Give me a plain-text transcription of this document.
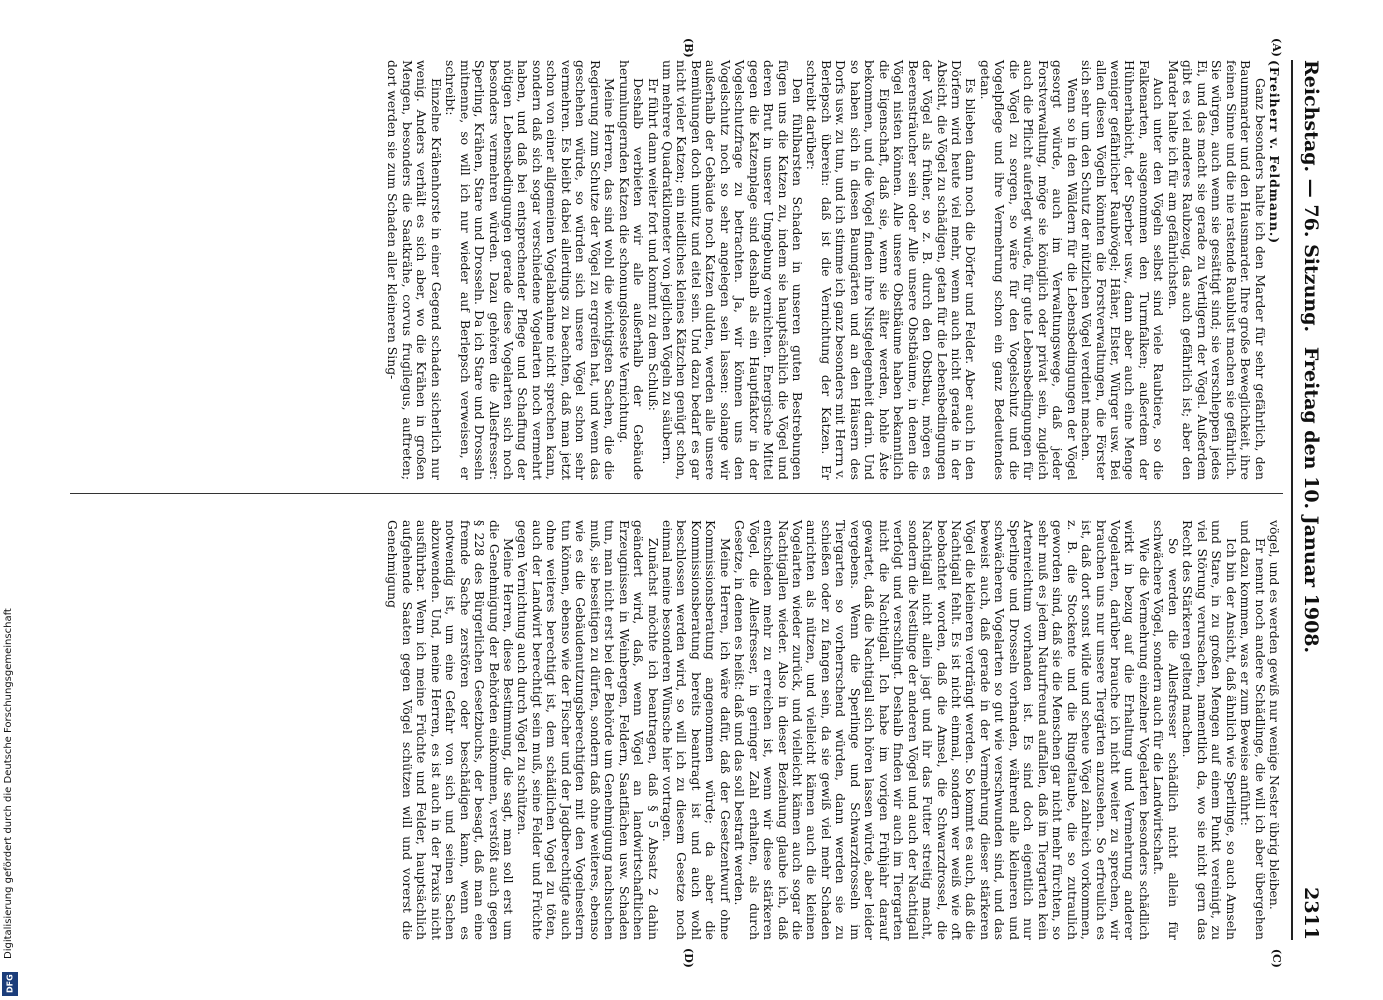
Reichstag. — 76. Sitzung.
Freitag den 10. Januar 1908.
2311
(A)
(B)
(C)
(D)

(Freiherr v. Feldmann.)

Ganz besonders halte ich den Marder für sehr gefährlich, den Baummarder und den Hausmarder. Ihre große Beweglichkeit, ihre feinen Sinne und die nie rastende Raublust machen sie gefährlich. Sie würgen, auch wenn sie gesättigt sind; sie verschleppen jedes Ei, und das macht sie gerade zu Vertilgern der Vögel. Außerdem gibt es viel anderes Raubzeug, das auch gefährlich ist; aber den Marder halte ich für am gefährlichsten.

Auch unter den Vögeln selbst sind viele Raubtiere, so die Falkenarten, ausgenommen den Turmfalken; außerdem der Hühnerhabicht, der Sperber usw., dann aber auch eine Menge weniger gefährlicher Raubvögel; Häher, Elster, Würger usw. Bei allen diesen Vögeln könnten die Forstverwaltungen, die Förster sich sehr um den Schutz der nützlichen Vögel verdient machen.

Wenn so in den Wäldern für die Lebensbedingungen der Vögel gesorgt würde, auch im Verwaltungswege, daß jeder Forstverwaltung, möge sie königlich oder privat sein, zugleich auch die Pflicht auferlegt würde, für gute Lebensbedingungen für die Vögel zu sorgen, so wäre für den Vogelschutz und die Vogelpflege und ihre Vermehrung schon ein ganz Bedeutendes getan.

Es blieben dann noch die Dörfer und Felder. Aber auch in den Dörfern wird heute viel mehr, wenn auch nicht gerade in der Absicht, die Vögel zu schädigen, getan für die Lebensbedingungen der Vögel als früher, so z. B. durch den Obstbau, mögen es Beerensträucher sein oder Alle unsere Obstbäume, in denen die Vögel nisten können. Alle unsere Obstbäume haben bekanntlich die Eigenschaft, daß sie, wenn sie älter werden, hohle Äste bekommen, und die Vögel finden ihre Nistgelegenheit darin. Und so haben sich in diesen Baumgärten und an den Häusern des Dorfs usw. zu tun, und ich stimme ich ganz besonders mit Herrn v. Berlepsch überein: daß ist die Vernichtung der Katzen. Er schreibt darüber:

Den fühlbarsten Schaden in unseren guten Bestrebungen fügen uns die Katzen zu, indem sie hauptsächlich die Vögel und deren Brut in unserer Umgebung vernichten. Energische Mittel gegen die Katzenplage sind deshalb als ein Hauptfaktor in der Vogelschutzfrage zu betrachten. Ja, wir können uns den Vogelschutz noch so sehr angelegen sein lassen: solange wir außerhalb der Gebäude noch Katzen dulden, werden alle unsere Bemühungen doch unnütz und eitel sein. Und dazu bedarf es gar nicht vieler Katzen; ein niedliches kleines Kätzchen genügt schon, um mehrere Quadratkilometer von jeglichen Vögeln zu säubern.

Er führt dann weiter fort und kommt zu dem Schluß:

Deshalb verbieten wir alle außerhalb der Gebäude herumlungernden Katzen die schonungsloseste Vernichtung.

Meine Herren, das sind wohl die wichtigsten Sachen, die die Regierung zum Schutze der Vögel zu ergreifen hat, und wenn das geschehen würde, so würden sich unsere Vögel schon sehr vermehren. Es bleibt dabei allerdings zu beachten, daß man jetzt schon von einer allgemeinen Vogelabnahme nicht sprechen kann, sondern daß sich sogar verschiedene Vogelarten noch vermehrt haben, und daß bei entsprechender Pflege und Schaffung der nötigen Lebensbedingungen gerade diese Vogelarten sich noch besonders vermehren würden. Dazu gehören die Allesfresser: Sperling, Krähen, Stare und Drosseln. Da ich Stare und Drosseln mitnenne, so will ich nur wieder auf Berlepsch verweisen, er schreibt:

Einzelne Krähenhorste in einer Gegend schaden sicherlich nur wenig. Anders verhält es sich aber, wo die Krähen in großen Mengen, besonders die Saatkrähe, corvus frugilegus, auftreten; dort werden sie zum Schaden aller kleineren Sing-

vögel, und es werden gewiß nur wenige Nester übrig bleiben.

Er nennt noch andere Schädlinge, die will ich aber übergehen und dazu kommen, was er zum Beweise anführt:

Ich bin der Ansicht, daß ähnlich wie Sperlinge, so auch Amseln und Stare, in zu großen Mengen auf einem Punkt vereinigt, zu viel Störung verursachen, namentlich da, wo sie nicht gern das Recht des Stärkeren geltend machen.

So werden die Allesfresser schädlich nicht allein für schwächere Vögel, sondern auch für die Landwirtschaft.

Wie die Vermehrung einzelner Vogelarten besonders schädlich wirkt in bezug auf die Erhaltung und Vermehrung anderer Vogelarten, darüber brauche ich nicht weiter zu sprechen, wir brauchen uns nur unsere Tiergärten anzusehen. So erfreulich es ist, daß dort sonst wilde und scheue Vögel zahlreich vorkommen, z. B. die Stockente und die Ringeltaube, die so zutraulich geworden sind, daß sie die Menschen gar nicht mehr fürchten, so sehr muß es jedem Naturfreund auffallen, daß im Tiergarten kein Artenreichtum vorhanden ist. Es sind doch eigentlich nur Sperlinge und Drosseln vorhanden, während alle kleineren und schwächeren Vogelarten so gut wie verschwunden sind, und das beweist auch, daß gerade in der Vermehrung dieser stärkeren Vögel die kleineren verdrängt werden. So kommt es auch, daß die Nachtigall fehlt. Es ist nicht einmal, sondern wer weiß wie oft beobachtet worden, daß die Amsel, die Schwarzdrossel, die Nachtigall nicht allein jagt und ihr das Futter streitig macht, sondern die Nestlinge der anderen Vögel und auch der Nachtigall verfolgt und verschlingt. Deshalb finden wir auch im Tiergarten nicht die Nachtigall. Ich habe im vorigen Frühjahr darauf gewartet, daß die Nachtigall sich hören lassen würde, aber leider vergebens. Wenn die Sperlinge und Schwarzdrosseln im Tiergarten so vorherrschend würden, dann werden sie zu schießen oder zu fangen sein, da sie gewiß viel mehr Schaden anrichten als nützen, und vielleicht kämen auch die kleinen Vogelarten wieder zurück, und vielleicht kämen auch sogar die Nachtigallen wieder. Also in dieser Beziehung glaube ich, daß entschieden mehr zu erreichen ist, wenn wir diese stärkeren Vögel, die Allesfresser, in geringer Zahl erhalten, als durch Gesetze, in denen es heißt: daß und das soll bestraft werden.

Meine Herren, ich wäre dafür, daß der Gesetzentwurf ohne Kommissionsberatung angenommen würde; da aber die Kommissionsberatung bereits beantragt ist und auch wohl beschlossen werden wird, so will ich zu diesem Gesetze noch einmal meine besonderen Wünsche hier vortragen.

Zunächst möchte ich beantragen, daß § 5 Absatz 2 dahin geändert wird, daß, wenn Vögel an landwirtschaftlichen Erzeugnissen in Weinbergen, Feldern, Saatflächen usw. Schaden tun, man nicht erst bei der Behörde um Genehmigung nachsuchen muß, sie beseitigen zu dürfen, sondern daß ohne weiteres, ebenso wie es die Gebäudenutzungsberechtigten mit den Vogelnestern tun können, ebenso wie der Fischer und der Jagdberechtigte auch ohne weiteres berechtigt ist, dem schädlichen Vogel zu töten, auch der Landwirt berechtigt sein muß, seine Felder und Früchte gegen Vernichtung auch durch Vögel zu schützen.

Meine Herren, diese Bestimmung, die sagt, man soll erst um die Genehmigung der Behörden einkommen, verstößt auch gegen § 228 des Bürgerlichen Gesetzbuchs, der besagt, daß man eine fremde Sache zerstören oder beschädigen kann, wenn es notwendig ist, um eine Gefahr von sich und seinen Sachen abzuwenden. Und, meine Herren, es ist auch in der Praxis nicht ausführbar. Wenn ich meine Früchte und Felder, hauptsächlich aufgehende Saaten gegen Vögel schützen will und vorerst die Genehmigung

Digitalisierung gefördert durch die Deutsche Forschungsgemeinschaft
DFG
